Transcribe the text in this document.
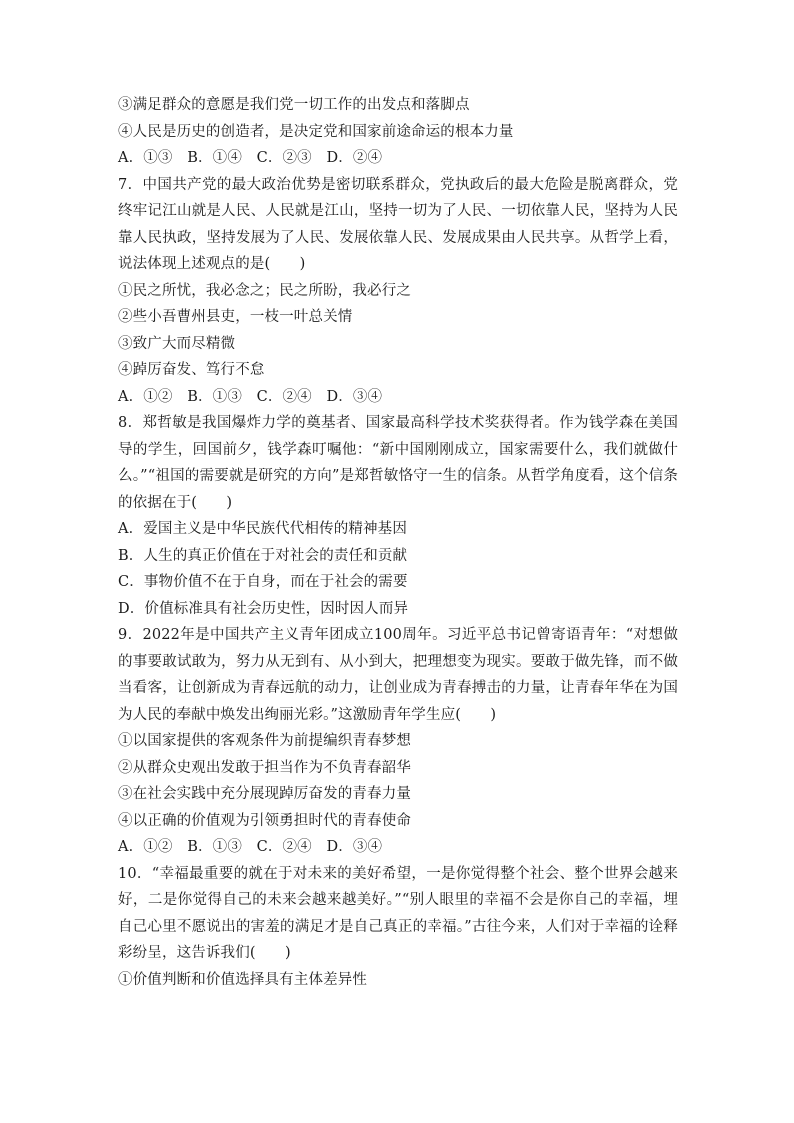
③满足群众的意愿是我们党一切工作的出发点和落脚点
④人民是历史的创造者，是决定党和国家前途命运的根本力量
A．①③　B．①④　C．②③　D．②④
7．中国共产党的最大政治优势是密切联系群众，党执政后的最大危险是脱离群众，党
终牢记江山就是人民、人民就是江山，坚持一切为了人民、一切依靠人民，坚持为人民
靠人民执政，坚持发展为了人民、发展依靠人民、发展成果由人民共享。从哲学上看，
说法体现上述观点的是(　　)
①民之所忧，我必念之；民之所盼，我必行之
②些小吾曹州县吏，一枝一叶总关情
③致广大而尽精微
④踔厉奋发、笃行不怠
A．①②　B．①③　C．②④　D．③④
8．郑哲敏是我国爆炸力学的奠基者、国家最高科学技术奖获得者。作为钱学森在美国
导的学生，回国前夕，钱学森叮嘱他：“新中国刚刚成立，国家需要什么，我们就做什
么。”“祖国的需要就是研究的方向”是郑哲敏恪守一生的信条。从哲学角度看，这个信条
的依据在于(　　)
A．爱国主义是中华民族代代相传的精神基因
B．人生的真正价值在于对社会的责任和贡献
C．事物价值不在于自身，而在于社会的需要
D．价值标准具有社会历史性，因时因人而异
9．2022年是中国共产主义青年团成立100周年。习近平总书记曾寄语青年：“对想做
的事要敢试敢为，努力从无到有、从小到大，把理想变为现实。要敢于做先锋，而不做
当看客，让创新成为青春远航的动力，让创业成为青春搏击的力量，让青春年华在为国
为人民的奉献中焕发出绚丽光彩。”这激励青年学生应(　　)
①以国家提供的客观条件为前提编织青春梦想
②从群众史观出发敢于担当作为不负青春韶华
③在社会实践中充分展现踔厉奋发的青春力量
④以正确的价值观为引领勇担时代的青春使命
A．①②　B．①③　C．②④　D．③④
10．“幸福最重要的就在于对未来的美好希望，一是你觉得整个社会、整个世界会越来
好，二是你觉得自己的未来会越来越美好。”“别人眼里的幸福不会是你自己的幸福，埋
自己心里不愿说出的害羞的满足才是自己真正的幸福。”古往今来，人们对于幸福的诠释
彩纷呈，这告诉我们(　　)
①价值判断和价值选择具有主体差异性
